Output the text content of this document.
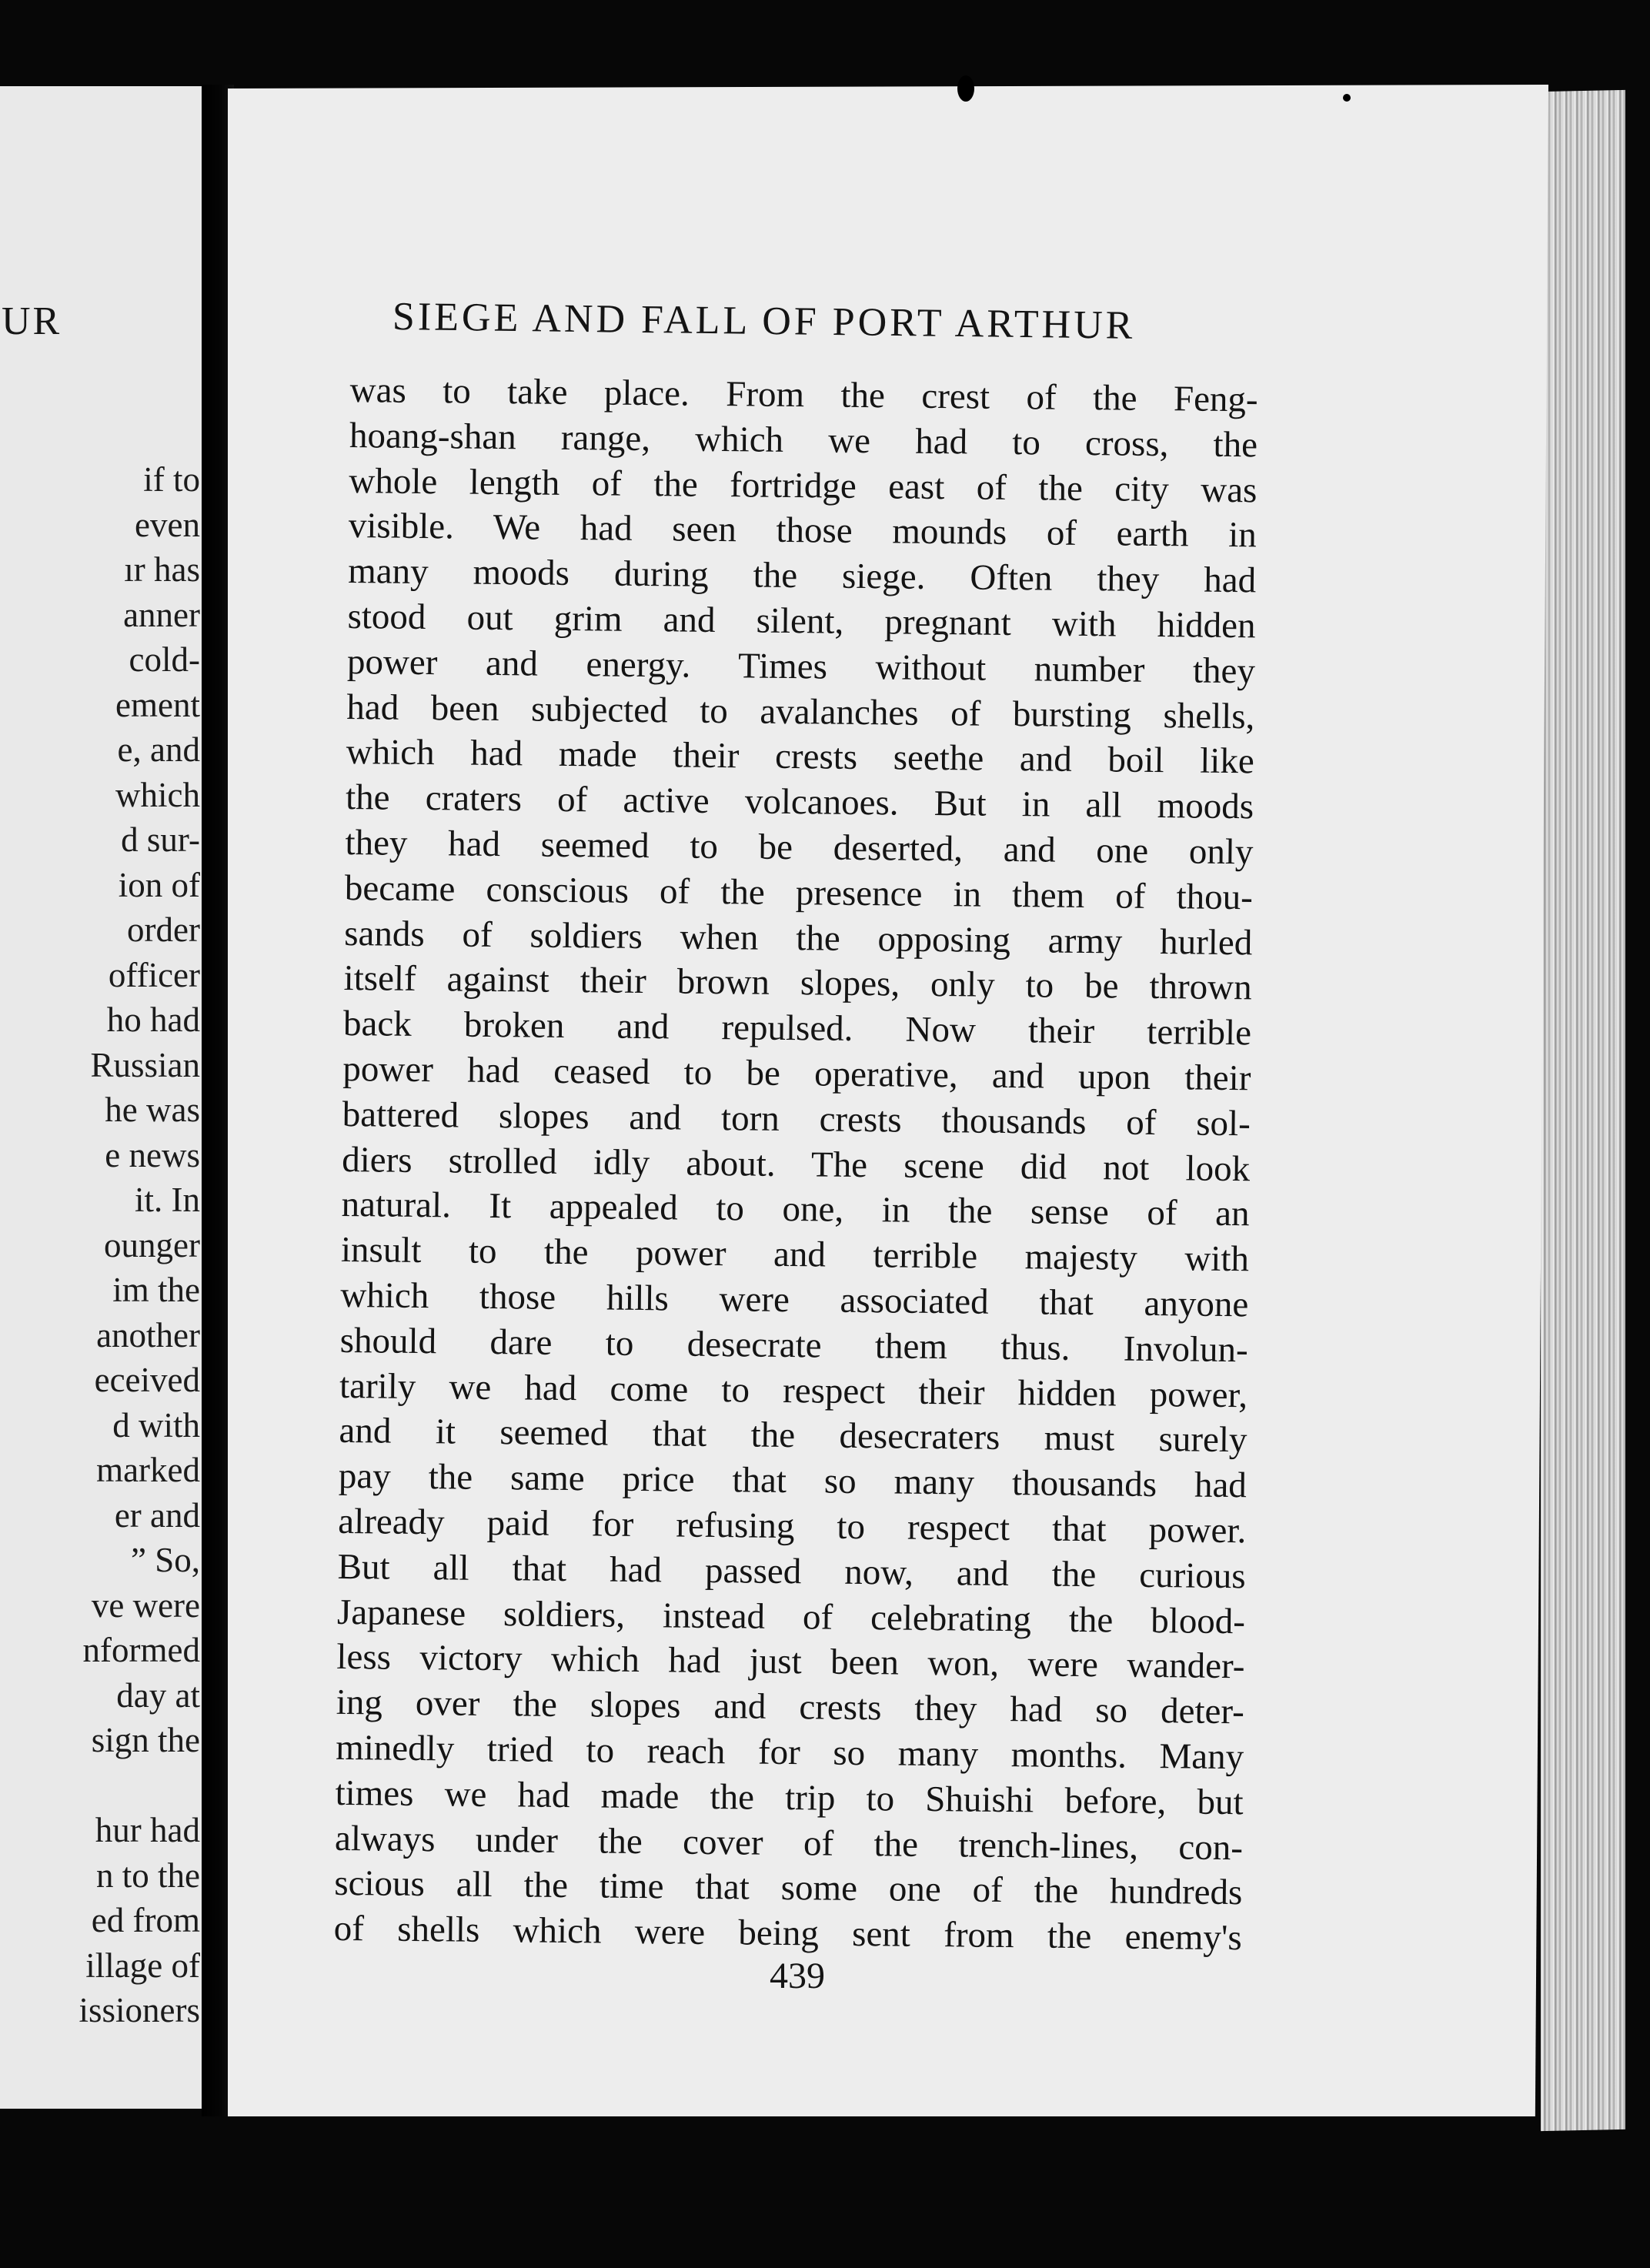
UR
if to
even
ır has
anner
cold-
ement
e, and
which
d sur-
ion of
order
officer
ho had
Russian
he was
e news
it. In
ounger
im the
another
eceived
d with
marked
er and
” So,
ve were
nformed
day at
sign the
hur had
n to the
ed from
illage of
issioners
SIEGE AND FALL OF PORT ARTHUR
was to take place. From the crest of the Feng-
hoang-shan range, which we had to cross, the
whole length of the fortridge east of the city was
visible. We had seen those mounds of earth in
many moods during the siege. Often they had
stood out grim and silent, pregnant with hidden
power and energy. Times without number they
had been subjected to avalanches of bursting shells,
which had made their crests seethe and boil like
the craters of active volcanoes. But in all moods
they had seemed to be deserted, and one only
became conscious of the presence in them of thou-
sands of soldiers when the opposing army hurled
itself against their brown slopes, only to be thrown
back broken and repulsed. Now their terrible
power had ceased to be operative, and upon their
battered slopes and torn crests thousands of sol-
diers strolled idly about. The scene did not look
natural. It appealed to one, in the sense of an
insult to the power and terrible majesty with
which those hills were associated that anyone
should dare to desecrate them thus. Involun-
tarily we had come to respect their hidden power,
and it seemed that the desecraters must surely
pay the same price that so many thousands had
already paid for refusing to respect that power.
But all that had passed now, and the curious
Japanese soldiers, instead of celebrating the blood-
less victory which had just been won, were wander-
ing over the slopes and crests they had so deter-
minedly tried to reach for so many months. Many
times we had made the trip to Shuishi before, but
always under the cover of the trench-lines, con-
scious all the time that some one of the hundreds
of shells which were being sent from the enemy's
439
